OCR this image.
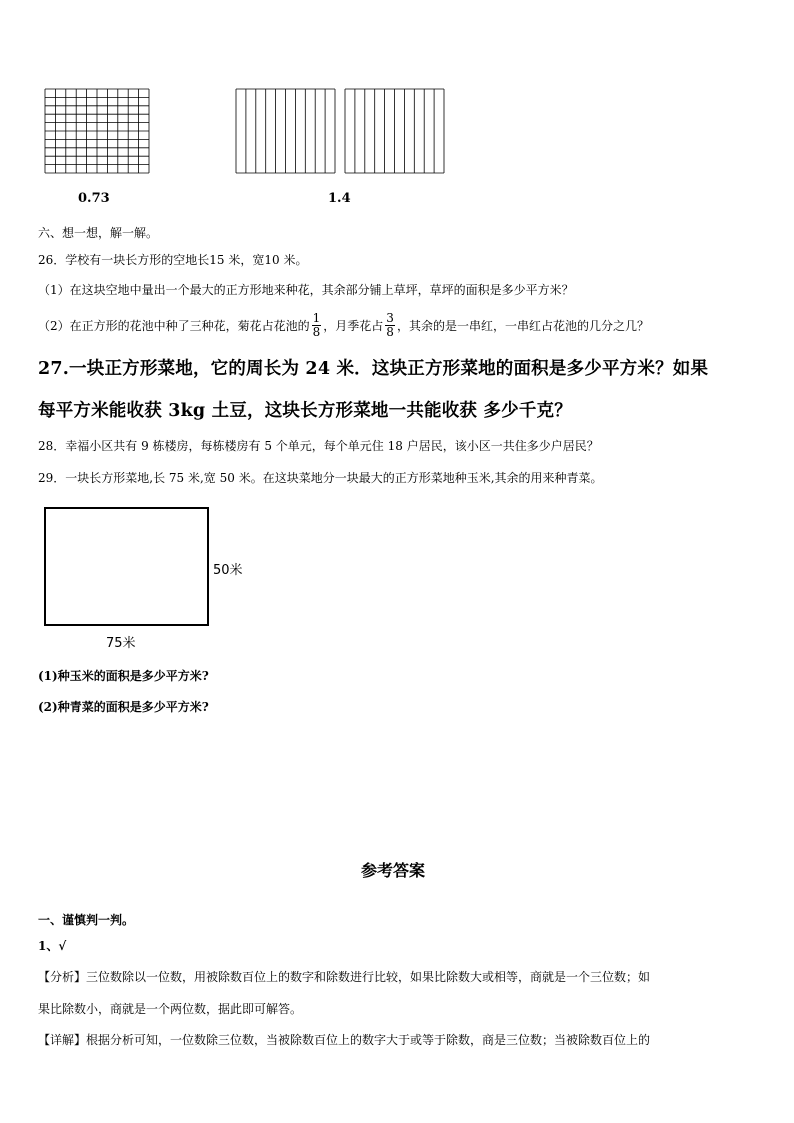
0.73	1.4
六、想一想，解一解。
26．学校有一块长方形的空地长15 米，宽10 米。
（1）在这块空地中量出一个最大的正方形地来种花，其余部分铺上草坪，草坪的面积是多少平方米？
（2）在正方形的花池中种了三种花，菊花占花池的 $\frac{1}{8}$ ，月季花占 $\frac{3}{8}$ ，其余的是一串红，一串红占花池的几分之几？
27.一块正方形菜地，它的周长为 24 米．这块正方形菜地的面积是多少平方米？如果
每平方米能收获 3kg 土豆，这块长方形菜地一共能收获 多少千克？
28．幸福小区共有 9 栋楼房，每栋楼房有 5 个单元，每个单元住 18 户居民，该小区一共住多少户居民？
29．一块长方形菜地,长 75 米,宽 50 米。在这块菜地分一块最大的正方形菜地种玉米,其余的用来种青菜。
50米
75米
(1)种玉米的面积是多少平方米?
(2)种青菜的面积是多少平方米?
参考答案
一、谨慎判一判。
1、√
【分析】三位数除以一位数，用被除数百位上的数字和除数进行比较，如果比除数大或相等，商就是一个三位数；如
果比除数小，商就是一个两位数，据此即可解答。
【详解】根据分析可知，一位数除三位数，当被除数百位上的数字大于或等于除数，商是三位数；当被除数百位上的
